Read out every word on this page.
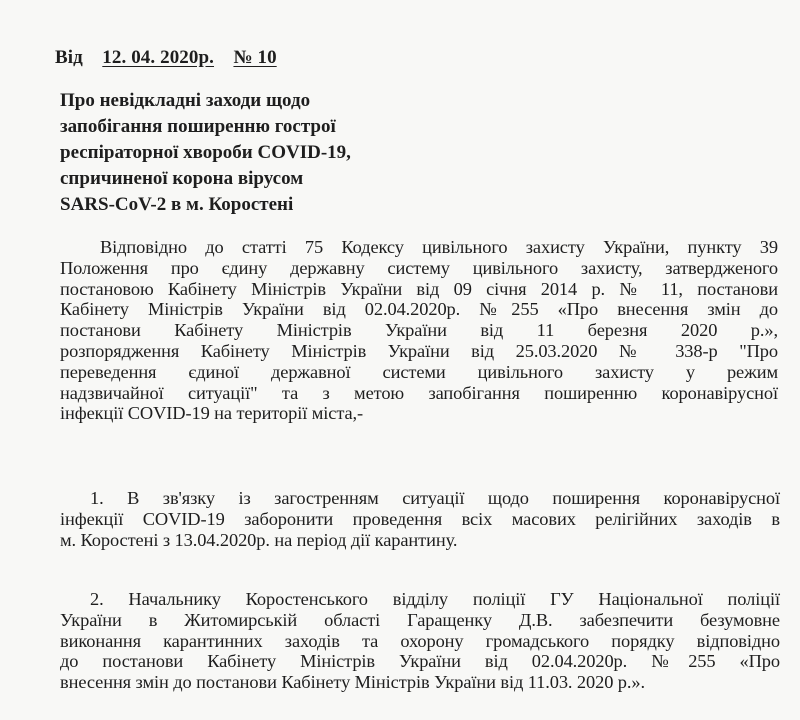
Від 12. 04. 2020р. № 10
Про невідкладні заходи щодо
запобігання поширенню гострої
респіраторної хвороби COVID-19,
спричиненої корона вірусом
SARS-CoV-2 в м. Коростені
Відповідно до статті 75 Кодексу цивільного захисту України, пункту 39
Положення про єдину державну систему цивільного захисту, затвердженого
постановою Кабінету Міністрів України від 09 січня 2014 р. № 11, постанови
Кабінету Міністрів України від 02.04.2020р. №255 «Про внесення змін до
постанови Кабінету Міністрів України від 11 березня 2020 р.»,
розпорядження Кабінету Міністрів України від 25.03.2020 № 338-р "Про
переведення єдиної державної системи цивільного захисту у режим
надзвичайної ситуації" та з метою запобігання поширенню коронавірусної
інфекції COVID-19 на території міста,-
1. В зв'язку із загостренням ситуації щодо поширення коронавірусної
інфекції COVID-19 заборонити проведення всіх масових релігійних заходів в
м. Коростені з 13.04.2020р. на період дії карантину.
2. Начальнику Коростенського відділу поліції ГУ Національної поліції
України в Житомирській області Гаращенку Д.В. забезпечити безумовне
виконання карантинних заходів та охорону громадського порядку відповідно
до постанови Кабінету Міністрів України від 02.04.2020р. №255 «Про
внесення змін до постанови Кабінету Міністрів України від 11.03. 2020 р.».
